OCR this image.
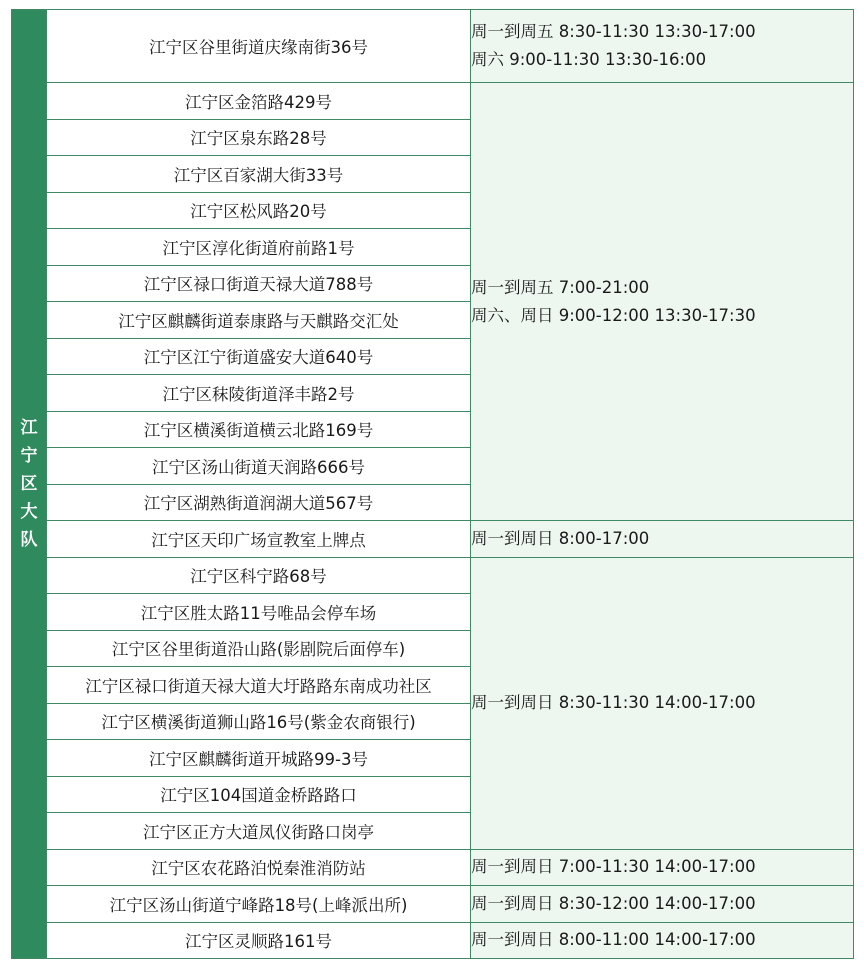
江宁区大队	江宁区谷里街道庆缘南街36号	周一到周五 8:30-11:30 13:30-17:00
周六 9:00-11:30 13:30-16:00

	江宁区金箔路429号	周一到周五 7:00-21:00
周六、周日 9:00-12:00 13:30-17:30

	江宁区泉东路28号	
	江宁区百家湖大街33号	
	江宁区松风路20号	
	江宁区淳化街道府前路1号	
	江宁区禄口街道天禄大道788号	
	江宁区麒麟街道泰康路与天麒路交汇处	
	江宁区江宁街道盛安大道640号	
	江宁区秣陵街道泽丰路2号	
	江宁区横溪街道横云北路169号	
	江宁区汤山街道天润路666号	
	江宁区湖熟街道润湖大道567号	
	江宁区天印广场宣教室上牌点	周一到周日 8:00-17:00

	江宁区科宁路68号	周一到周日 8:30-11:30 14:00-17:00

	江宁区胜太路11号唯品会停车场	
	江宁区谷里街道沿山路(影剧院后面停车)	
	江宁区禄口街道天禄大道大圩路路东南成功社区	
	江宁区横溪街道狮山路16号(紫金农商银行)	
	江宁区麒麟街道开城路99-3号	
	江宁区104国道金桥路路口	
	江宁区正方大道凤仪街路口岗亭	
	江宁区农花路泊悦秦淮消防站	周一到周日 7:00-11:30 14:00-17:00

	江宁区汤山街道宁峰路18号(上峰派出所)	周一到周日 8:30-12:00 14:00-17:00

	江宁区灵顺路161号	周一到周日 8:00-11:00 14:00-17:00
